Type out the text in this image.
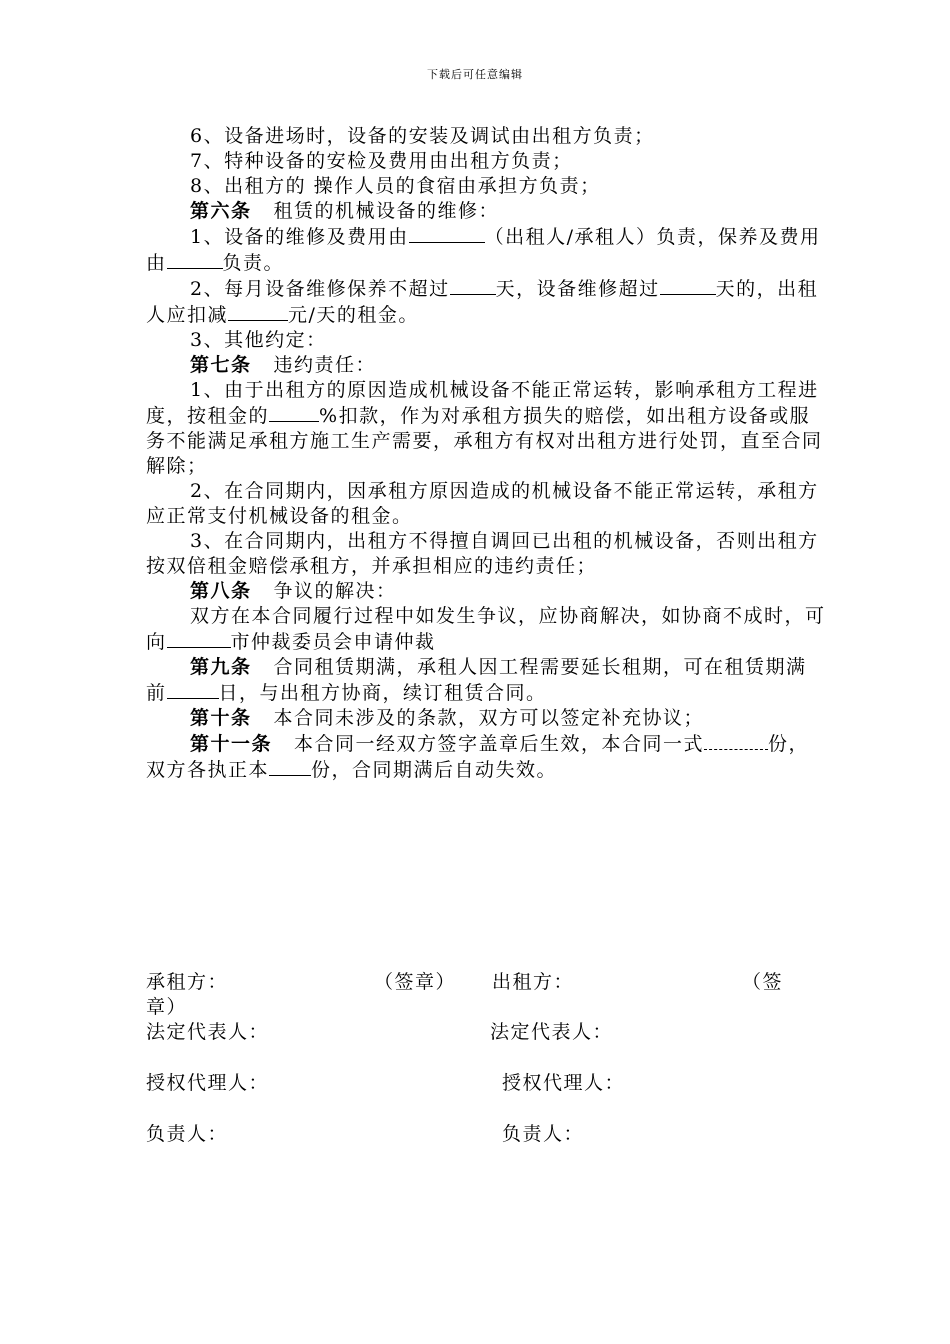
下载后可任意编辑

6、设备进场时，设备的安装及调试由出租方负责；

7、特种设备的安检及费用由出租方负责；

8、出租方的 操作人员的食宿由承担方负责；

第六条 租赁的机械设备的维修：

1、设备的维修及费用由	（出租人/承租人）负责，保养及费用由	负责。

2、每月设备维修保养不超过 天，设备维修超过	天的，出租人应扣减	元/天的租金。

3、其他约定：

第七条 违约责任：

1、由于出租方的原因造成机械设备不能正常运转，影响承租方工程进度，按租金的	%扣款，作为对承租方损失的赔偿，如出租方设备或服务不能满足承租方施工生产需要，承租方有权对出租方进行处罚，直至合同解除；

2、在合同期内，因承租方原因造成的机械设备不能正常运转，承租方应正常支付机械设备的租金。

3、在合同期内，出租方不得擅自调回已出租的机械设备，否则出租方按双倍租金赔偿承租方，并承担相应的违约责任；

第八条 争议的解决：

双方在本合同履行过程中如发生争议，应协商解决，如协商不成时，可向	市仲裁委员会申请仲裁

第九条 合同租赁期满，承租人因工程需要延长租期，可在租赁期满前	日，与出租方协商，续订租赁合同。

第十条 本合同未涉及的条款，双方可以签定补充协议；

第十一条 本合同一经双方签字盖章后生效，本合同一式	份，双方各执正本 份，合同期满后自动失效。

承租方：	（签章） 出租方：	（签
章）
法定代表人：	法定代表人：
授权代理人：	授权代理人：
负责人：	负责人：
